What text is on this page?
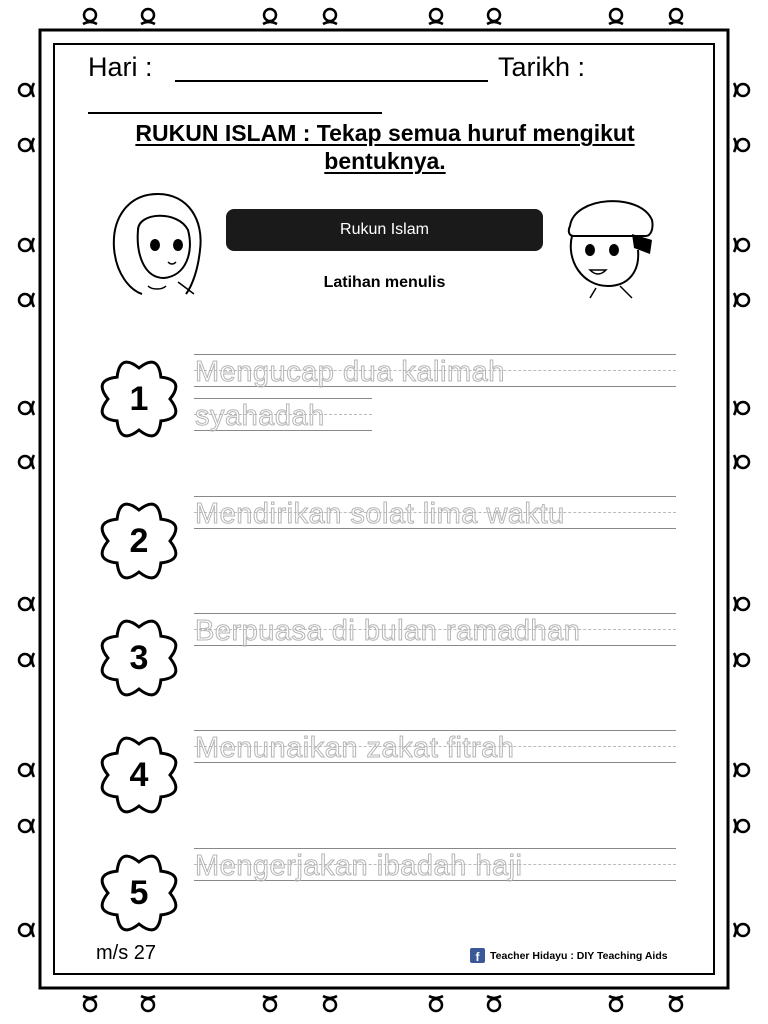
Hari :	Tarikh :
RUKUN ISLAM : Tekap semua huruf mengikut bentuknya.
Rukun Islam
Latihan menulis
1
Mengucap dua kalimah
syahadah
2
Mendirikan solat lima waktu
3
Berpuasa di bulan ramadhan
4
Menunaikan zakat fitrah
5
Mengerjakan ibadah haji
m/s 27	f	Teacher Hidayu : DIY Teaching Aids
